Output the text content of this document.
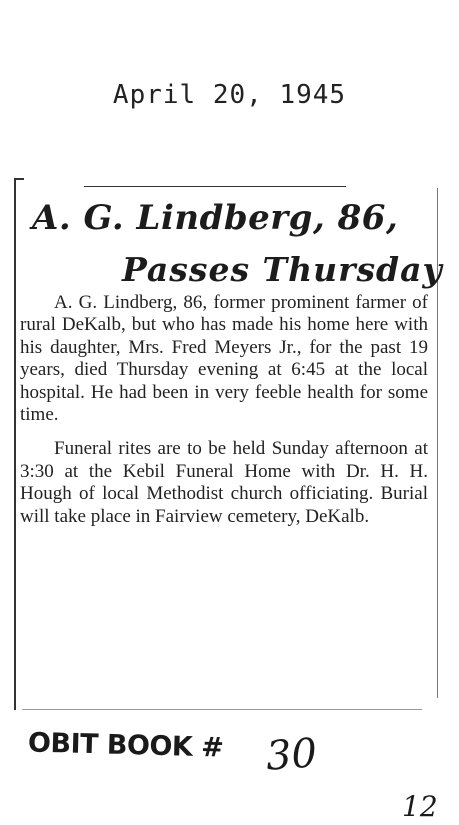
April 20, 1945
A. G. Lindberg, 86,
Passes Thursday

A. G. Lindberg, 86, former prominent farmer of rural DeKalb, but who has made his home here with his daughter, Mrs. Fred Meyers Jr., for the past 19 years, died Thursday evening at 6:45 at the local hospital. He had been in very feeble health for some time.

Funeral rites are to be held Sunday afternoon at 3:30 at the Kebil Funeral Home with Dr. H. H. Hough of local Methodist church officiating. Burial will take place in Fairview cemetery, DeKalb.

OBIT BOOK # 30
12
